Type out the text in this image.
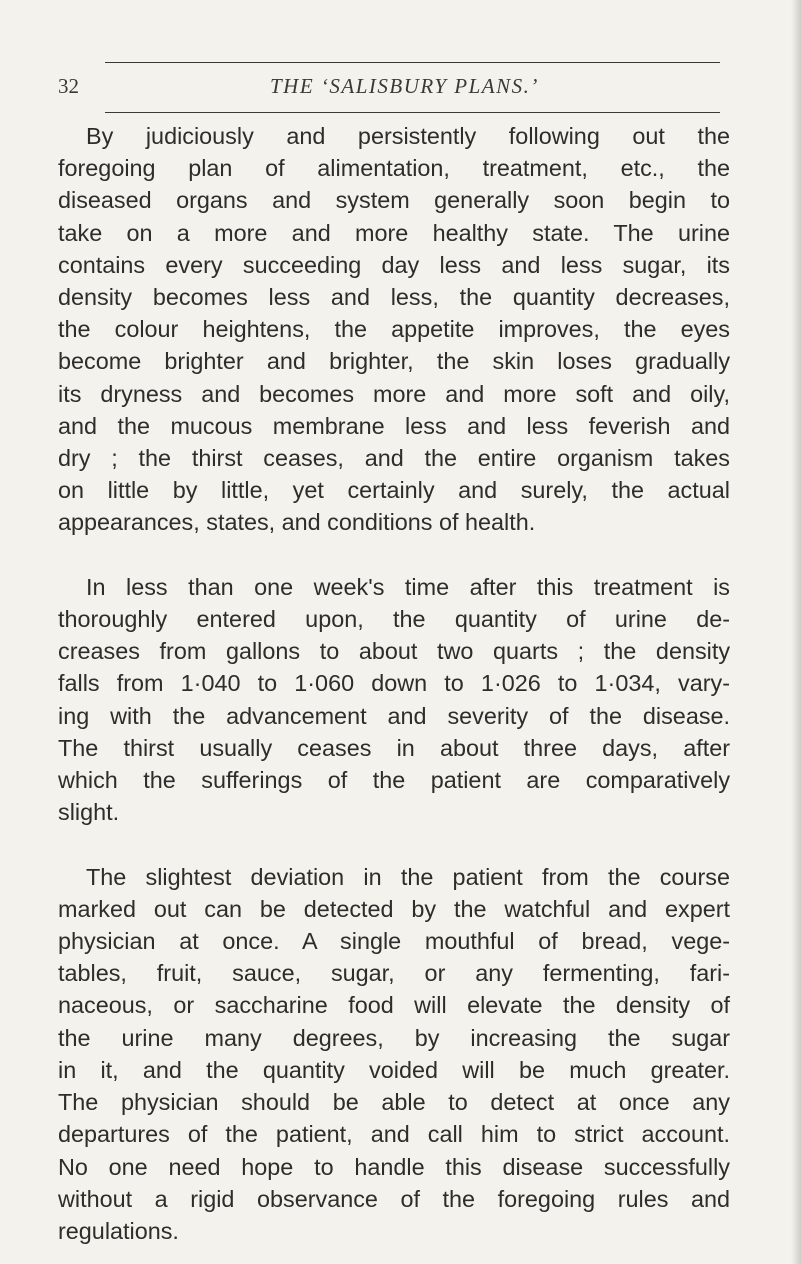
32	THE ‘SALISBURY PLANS.’

By judiciously and persistently following out the
foregoing plan of alimentation, treatment, etc., the
diseased organs and system generally soon begin to
take on a more and more healthy state. The urine
contains every succeeding day less and less sugar, its
density becomes less and less, the quantity decreases,
the colour heightens, the appetite improves, the eyes
become brighter and brighter, the skin loses gradually
its dryness and becomes more and more soft and oily,
and the mucous membrane less and less feverish and
dry ; the thirst ceases, and the entire organism takes
on little by little, yet certainly and surely, the actual
appearances, states, and conditions of health.

In less than one week's time after this treatment is
thoroughly entered upon, the quantity of urine de-
creases from gallons to about two quarts ; the density
falls from 1·040 to 1·060 down to 1·026 to 1·034, vary-
ing with the advancement and severity of the disease.
The thirst usually ceases in about three days, after
which the sufferings of the patient are comparatively
slight.

The slightest deviation in the patient from the course
marked out can be detected by the watchful and expert
physician at once. A single mouthful of bread, vege-
tables, fruit, sauce, sugar, or any fermenting, fari-
naceous, or saccharine food will elevate the density of
the urine many degrees, by increasing the sugar
in it, and the quantity voided will be much greater.
The physician should be able to detect at once any
departures of the patient, and call him to strict account.
No one need hope to handle this disease successfully
without a rigid observance of the foregoing rules and
regulations.
